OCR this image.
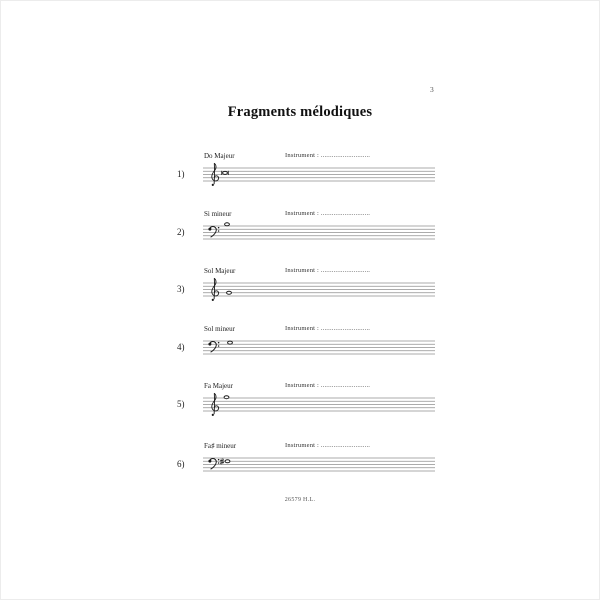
3
Fragments mélodiques
1)
Do Majeur	Instrument : ...........................
2)
Si mineur	Instrument : ...........................
3)
Sol Majeur	Instrument : ...........................
4)
Sol mineur	Instrument : ...........................
5)
Fa Majeur	Instrument : ...........................
6)
Fa♯ mineur	Instrument : ...........................
26579 H.L.
